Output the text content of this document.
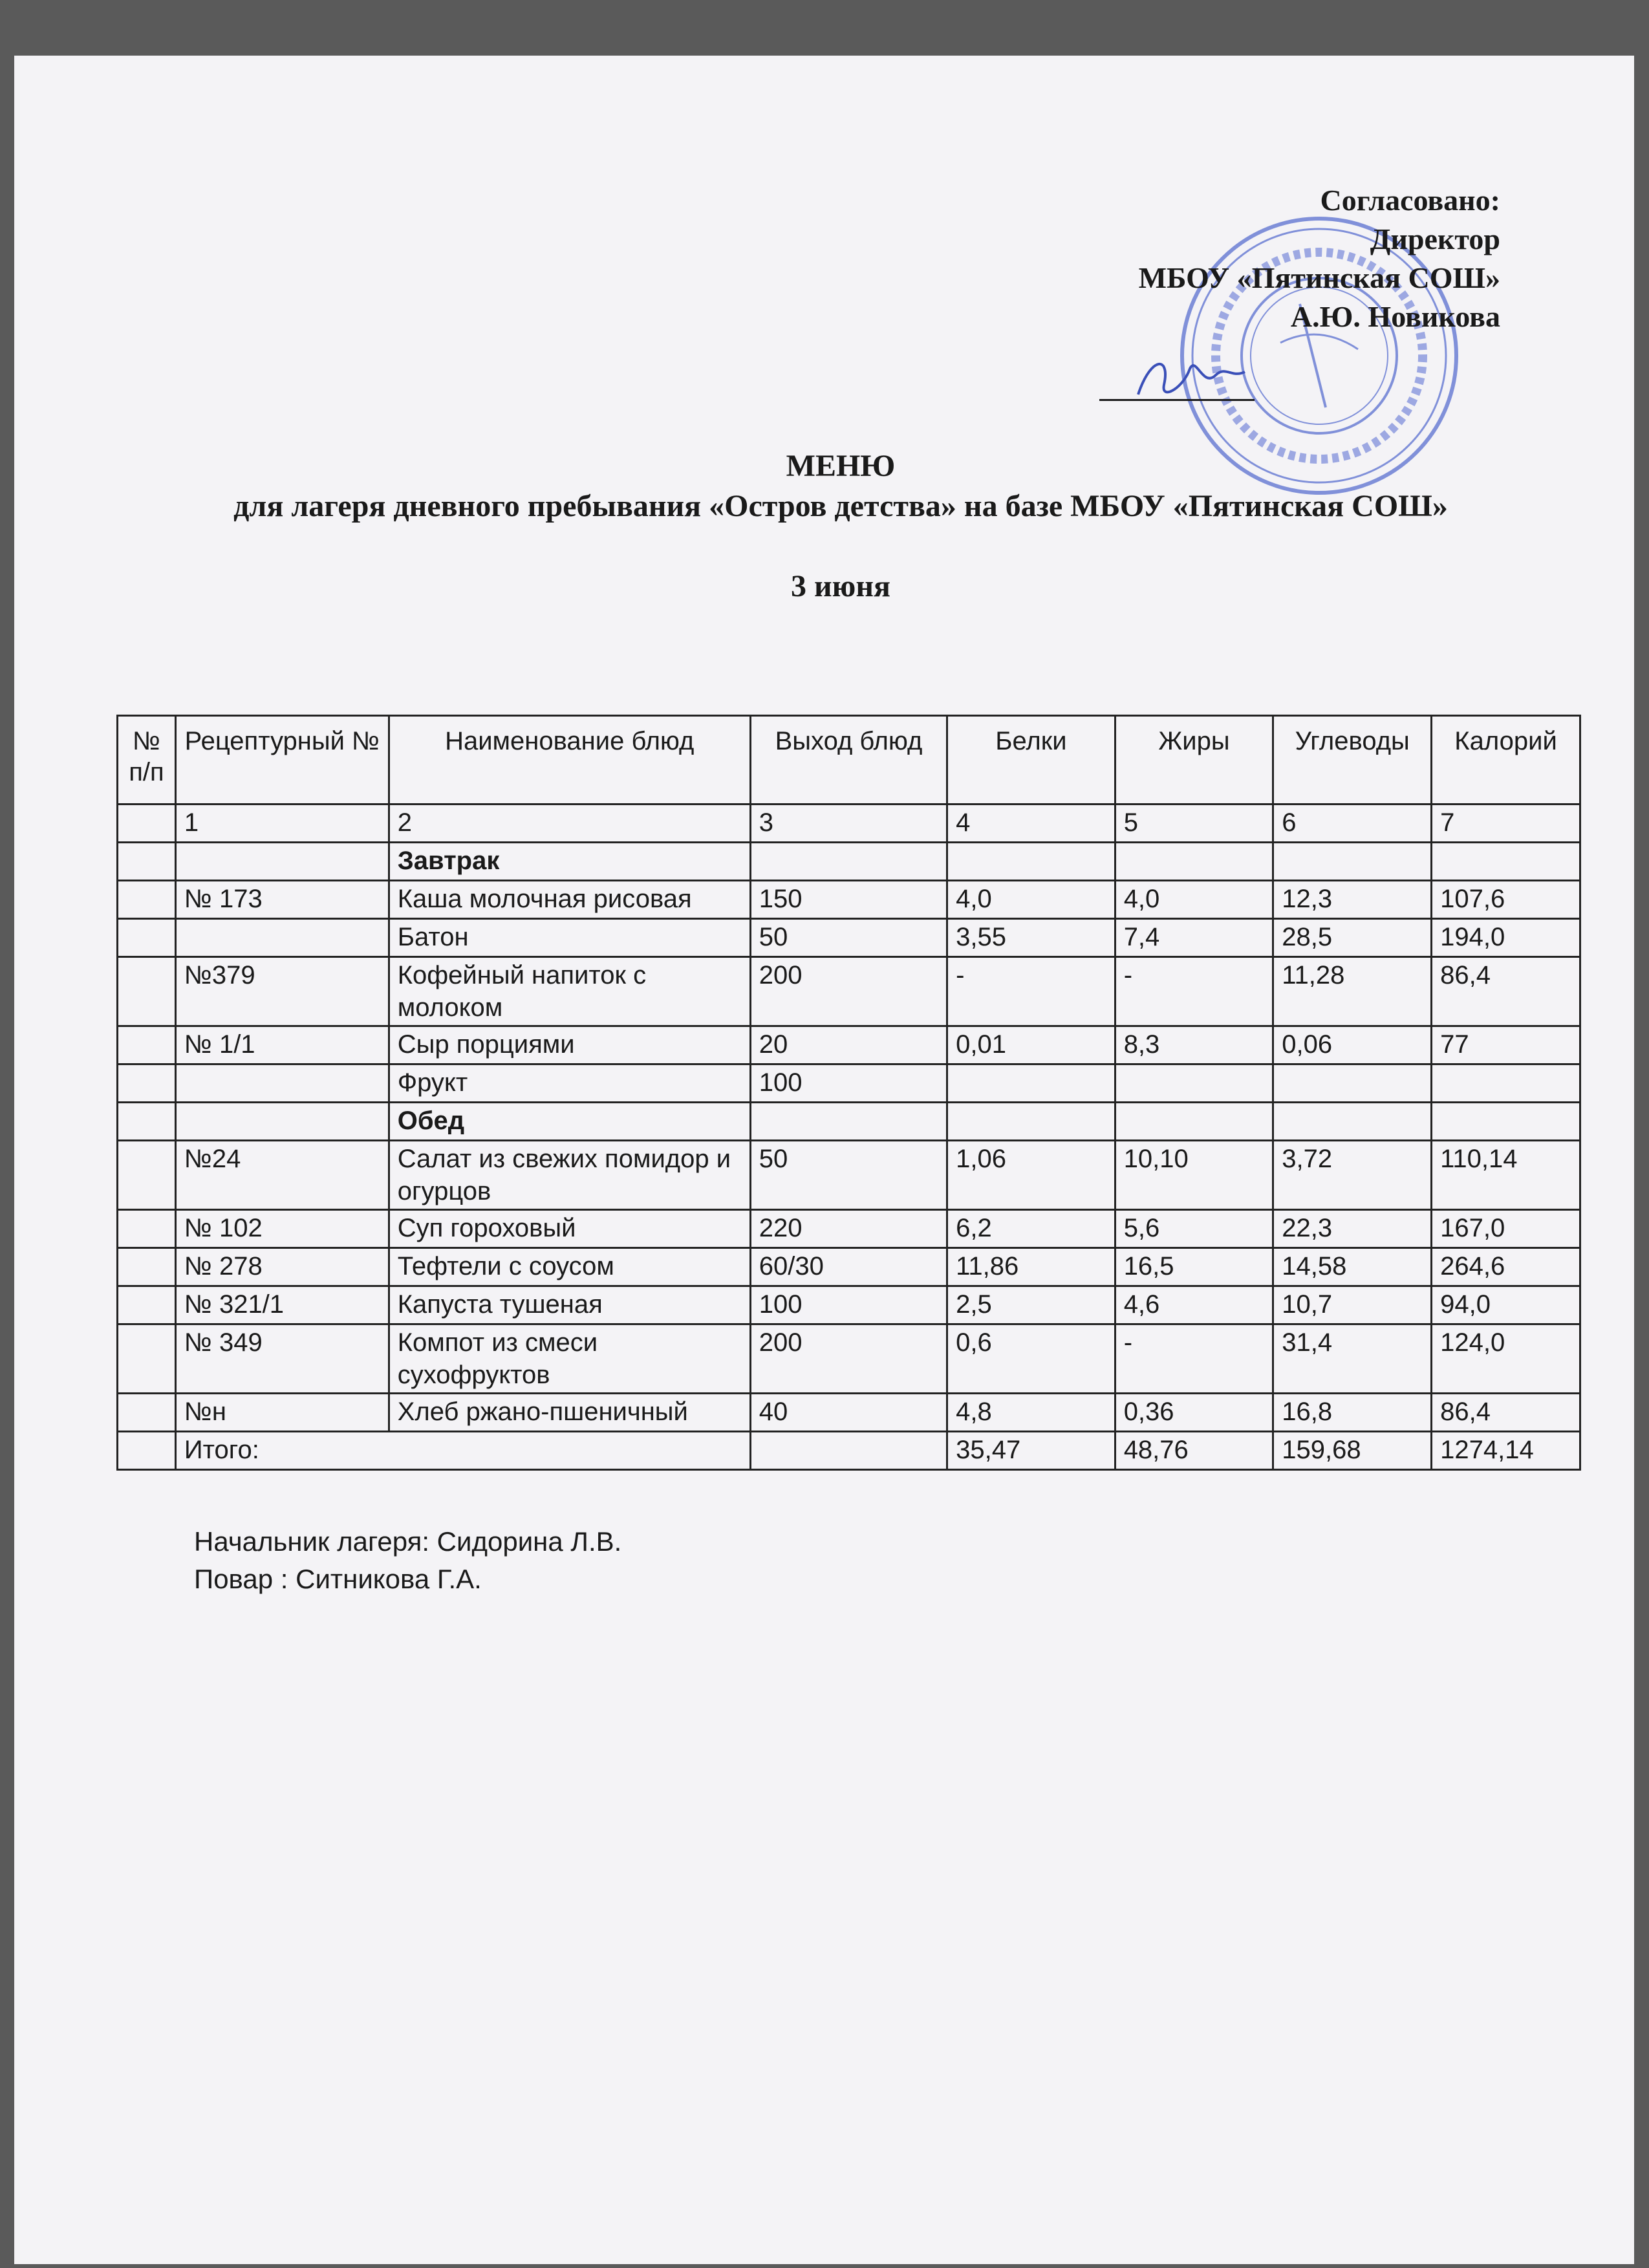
Согласовано:
Директор
МБОУ «Пятинская СОШ»
А.Ю. Новикова
МЕНЮ
для лагеря дневного пребывания «Остров детства» на базе МБОУ «Пятинская СОШ»
3 июня
№ п/п	Рецептурный №	Наименование блюд	Выход блюд	Белки	Жиры	Углеводы	Калорий
	1	2	3	4	5	6	7
		Завтрак					
	№ 173	Каша молочная рисовая	150	4,0	4,0	12,3	107,6
		Батон	50	3,55	7,4	28,5	194,0
	№379	Кофейный напиток с молоком	200	-	-	11,28	86,4
	№ 1/1	Сыр порциями	20	0,01	8,3	0,06	77
		Фрукт	100				
		Обед					
	№24	Салат из свежих помидор и огурцов	50	1,06	10,10	3,72	110,14
	№ 102	Суп гороховый	220	6,2	5,6	22,3	167,0
	№ 278	Тефтели с соусом	60/30	11,86	16,5	14,58	264,6
	№ 321/1	Капуста тушеная	100	2,5	4,6	10,7	94,0
	№ 349	Компот из смеси сухофруктов	200	0,6	-	31,4	124,0
	№н	Хлеб ржано-пшеничный	40	4,8	0,36	16,8	86,4
	Итого:			35,47	48,76	159,68	1274,14
Начальник лагеря: Сидорина Л.В.
Повар : Ситникова Г.А.
